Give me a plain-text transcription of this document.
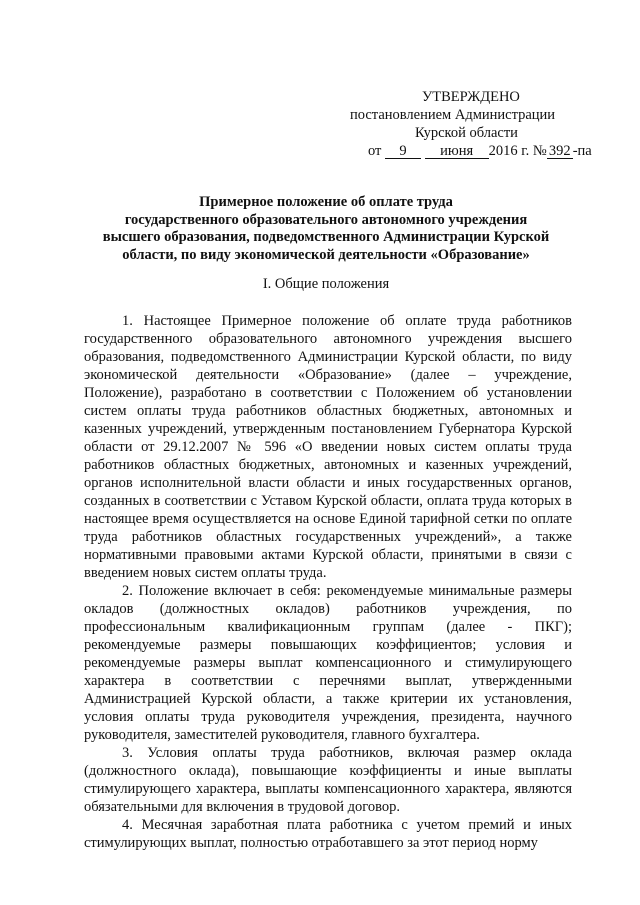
УТВЕРЖДЕНО
постановлением Администрации
Курской области
от 9 июня 2016 г. № 392 -па
Примерное положение об оплате труда
государственного образовательного автономного учреждения
высшего образования, подведомственного Администрации Курской
области, по виду экономической деятельности «Образование»
I. Общие положения

1. Настоящее Примерное положение об оплате труда работников государственного образовательного автономного учреждения высшего образования, подведомственного Администрации Курской области, по виду экономической деятельности «Образование» (далее – учреждение, Положение), разработано в соответствии с Положением об установлении систем оплаты труда работников областных бюджетных, автономных и казенных учреждений, утвержденным постановлением Губернатора Курской области от 29.12.2007 № 596 «О введении новых систем оплаты труда работников областных бюджетных, автономных и казенных учреждений, органов исполнительной власти области и иных государственных органов, созданных в соответствии с Уставом Курской области, оплата труда которых в настоящее время осуществляется на основе Единой тарифной сетки по оплате труда работников областных государственных учреждений», а также нормативными правовыми актами Курской области, принятыми в связи с введением новых систем оплаты труда.

2. Положение включает в себя: рекомендуемые минимальные размеры окладов (должностных окладов) работников учреждения, по профессиональным квалификационным группам (далее - ПКГ); рекомендуемые размеры повышающих коэффициентов; условия и рекомендуемые размеры выплат компенсационного и стимулирующего характера в соответствии с перечнями выплат, утвержденными Администрацией Курской области, а также критерии их установления, условия оплаты труда руководителя учреждения, президента, научного руководителя, заместителей руководителя, главного бухгалтера.

3. Условия оплаты труда работников, включая размер оклада (должностного оклада), повышающие коэффициенты и иные выплаты стимулирующего характера, выплаты компенсационного характера, являются обязательными для включения в трудовой договор.

4. Месячная заработная плата работника с учетом премий и иных стимулирующих выплат, полностью отработавшего за этот период норму
